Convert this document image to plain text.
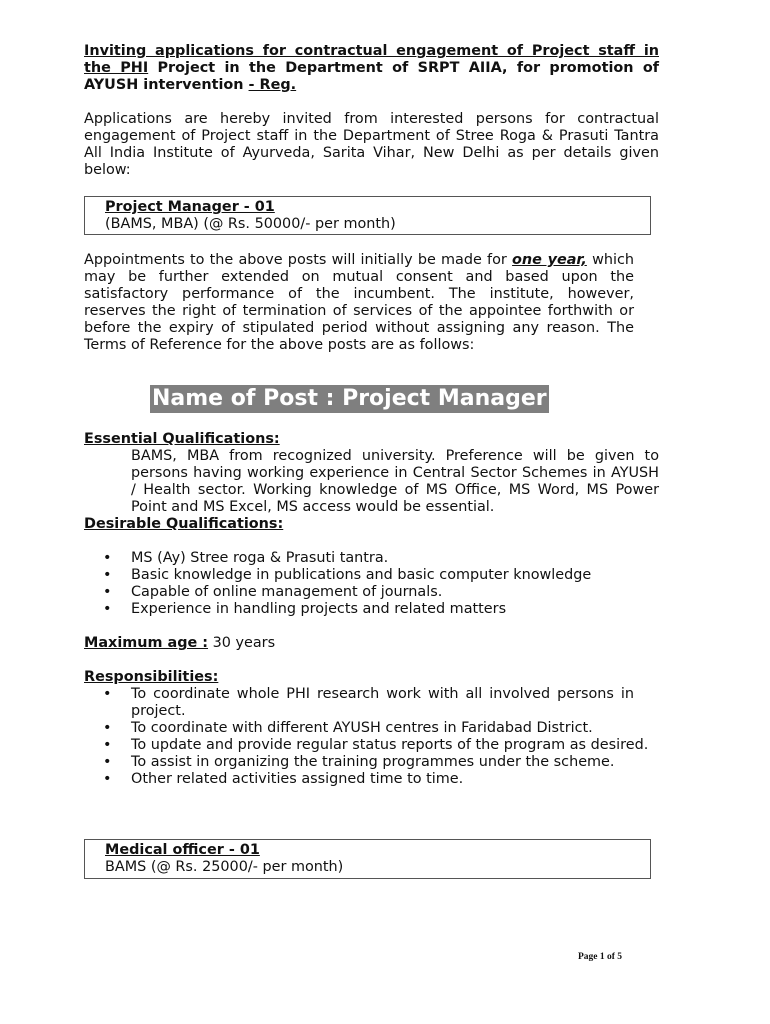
Inviting applications for contractual engagement of Project staff in the PHI Project in the Department of SRPT AIIA, for promotion of AYUSH intervention - Reg.

Applications are hereby invited from interested persons for contractual engagement of Project staff in the Department of Stree Roga & Prasuti Tantra All India Institute of Ayurveda, Sarita Vihar, New Delhi as per details given below:

Project Manager - 01
(BAMS, MBA) (@ Rs. 50000/- per month)

Appointments to the above posts will initially be made for one year, which may be further extended on mutual consent and based upon the satisfactory performance of the incumbent. The institute, however, reserves the right of termination of services of the appointee forthwith or before the expiry of stipulated period without assigning any reason. The Terms of Reference for the above posts are as follows:

Name of Post : Project Manager
Essential Qualifications:

BAMS, MBA from recognized university. Preference will be given to persons having working experience in Central Sector Schemes in AYUSH / Health sector. Working knowledge of MS Office, MS Word, MS Power Point and MS Excel, MS access would be essential.

Desirable Qualifications:
• MS (Ay) Stree roga & Prasuti tantra.
• Basic knowledge in publications and basic computer knowledge
• Capable of online management of journals.
• Experience in handling projects and related matters
Maximum age : 30 years
Responsibilities:
• To coordinate whole PHI research work with all involved persons in project.
• To coordinate with different AYUSH centres in Faridabad District.
• To update and provide regular status reports of the program as desired.
• To assist in organizing the training programmes under the scheme.
• Other related activities assigned time to time.
Medical officer - 01
BAMS (@ Rs. 25000/- per month)
Page 1 of 5
